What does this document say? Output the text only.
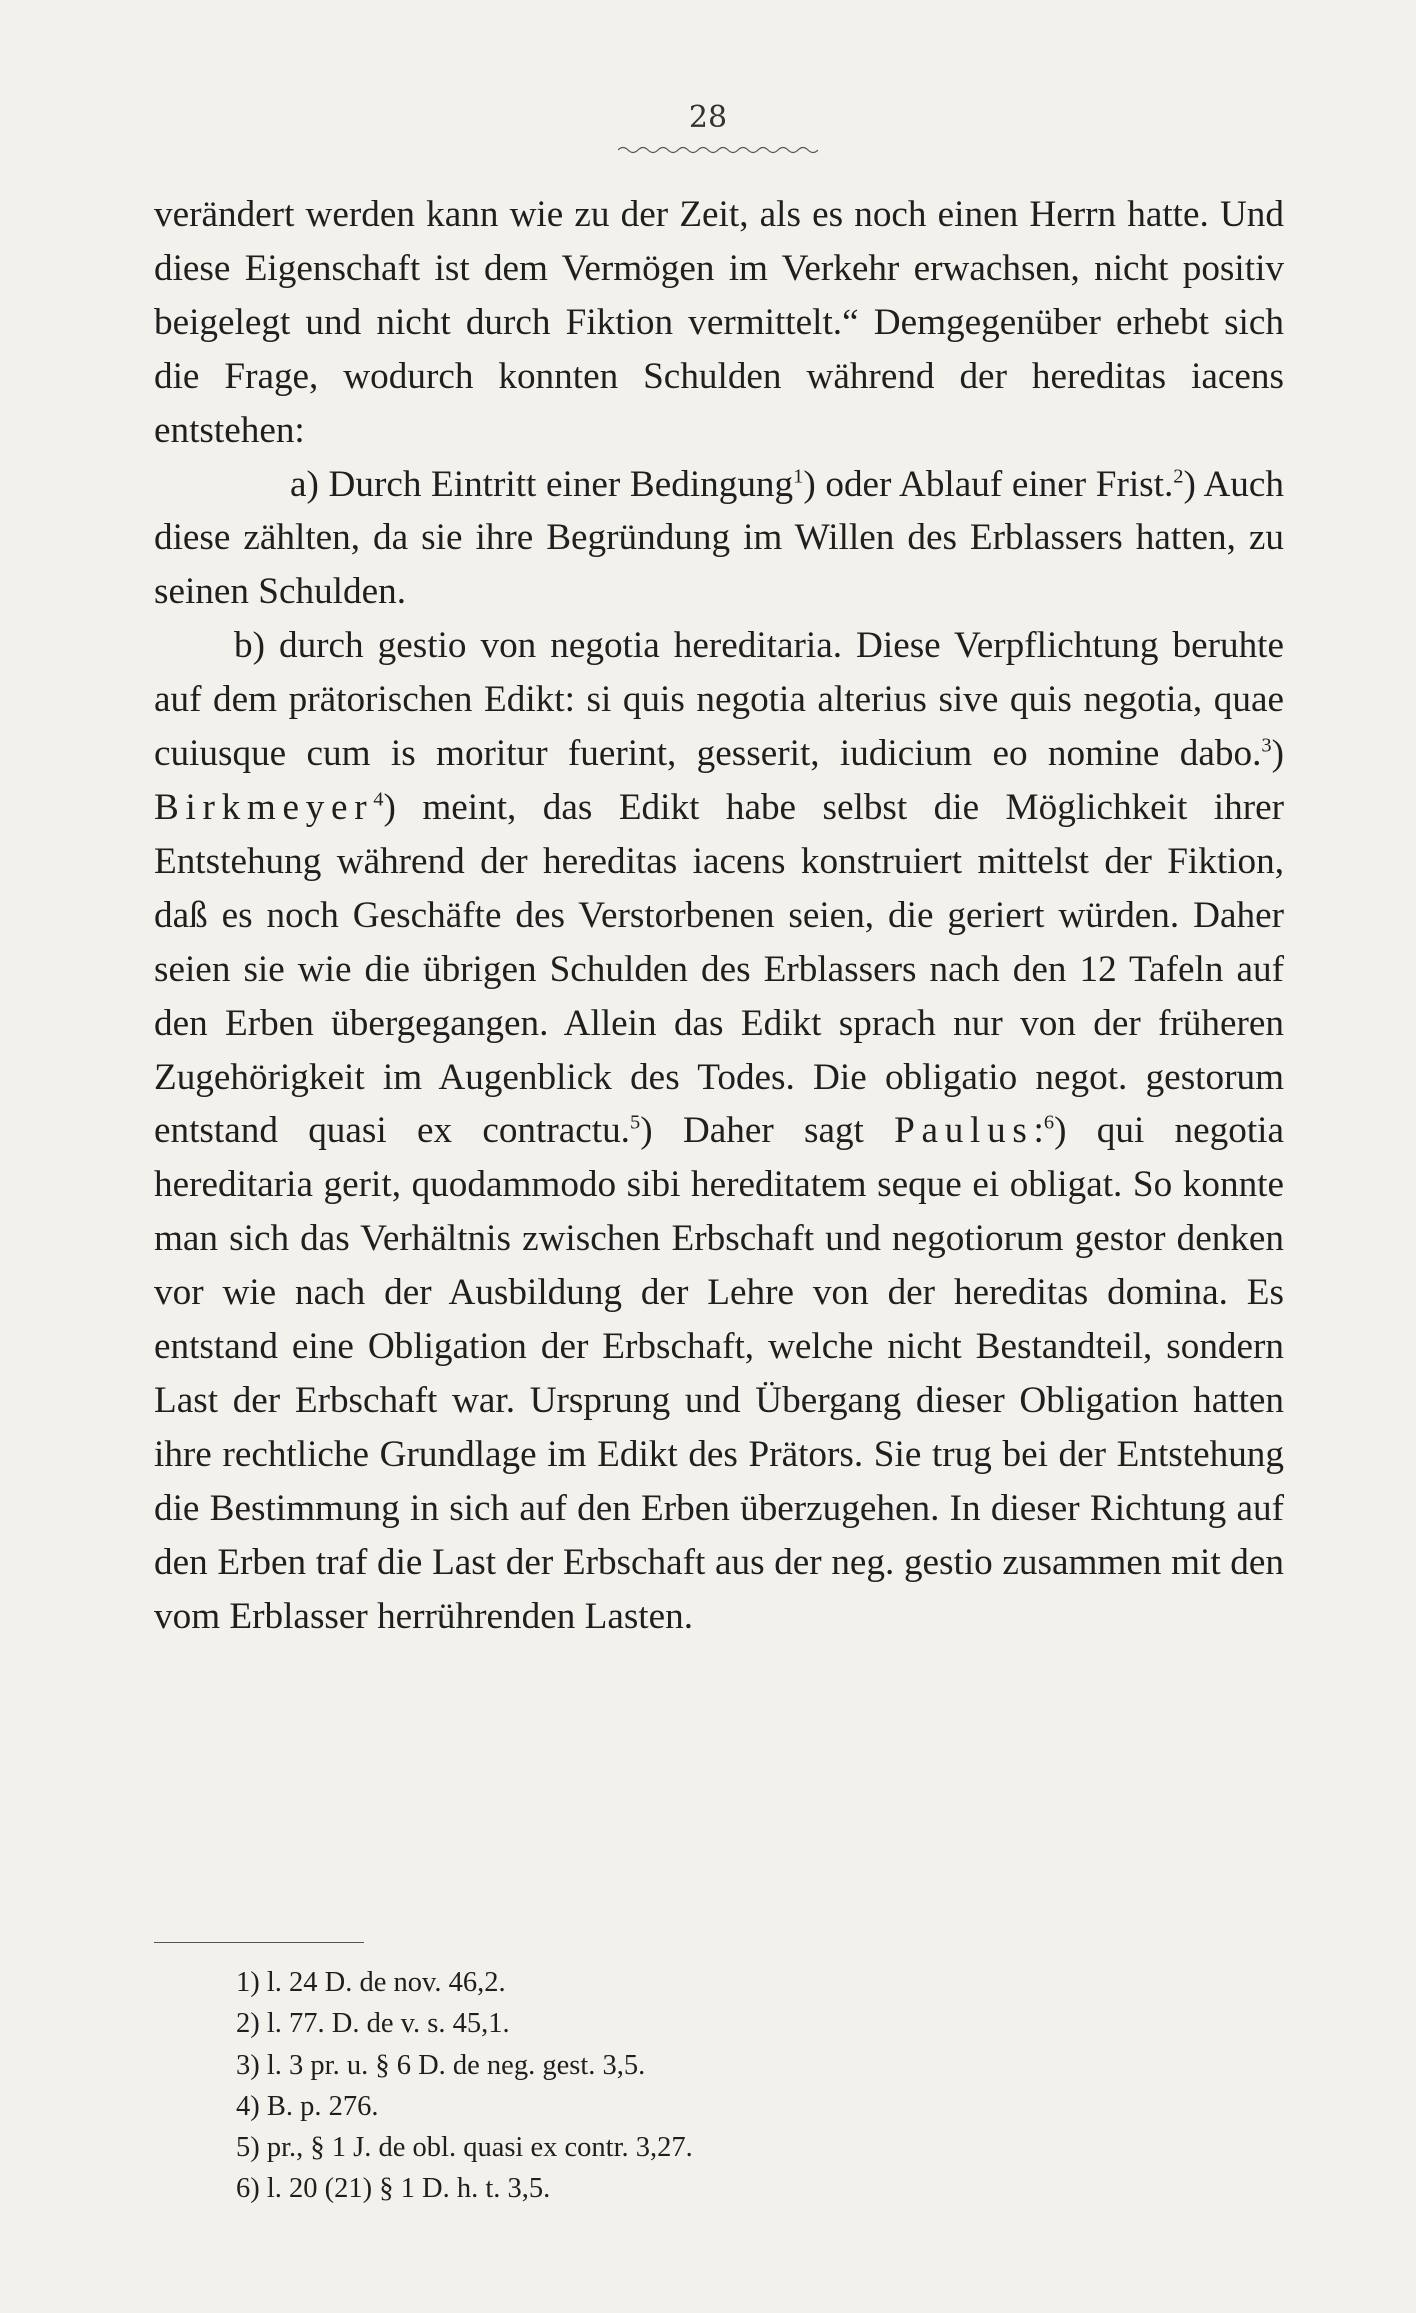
28

verändert werden kann wie zu der Zeit, als es noch einen Herrn hatte. Und diese Eigenschaft ist dem Vermögen im Verkehr erwachsen, nicht positiv beigelegt und nicht durch Fiktion vermittelt.“ Demgegenüber erhebt sich die Frage, wodurch konnten Schulden während der hereditas iacens entstehen:

a) Durch Eintritt einer Bedingung$^1$) oder Ablauf einer Frist.$^2$) Auch diese zählten, da sie ihre Begründung im Willen des Erblassers hatten, zu seinen Schulden.

b) durch gestio von negotia hereditaria. Diese Verpflichtung beruhte auf dem prätorischen Edikt: si quis negotia alterius sive quis negotia, quae cuiusque cum is moritur fuerint, gesserit, iudicium eo nomine dabo.$^3$) Birkmeyer$^4$) meint, das Edikt habe selbst die Möglichkeit ihrer Entstehung während der hereditas iacens konstruiert mittelst der Fiktion, daß es noch Geschäfte des Verstorbenen seien, die geriert würden. Daher seien sie wie die übrigen Schulden des Erblassers nach den 12 Tafeln auf den Erben übergegangen. Allein das Edikt sprach nur von der früheren Zugehörigkeit im Augenblick des Todes. Die obligatio negot. gestorum entstand quasi ex contractu.$^5$) Daher sagt Paulus:$^6$) qui negotia hereditaria gerit, quodammodo sibi hereditatem seque ei obligat. So konnte man sich das Verhältnis zwischen Erbschaft und negotiorum gestor denken vor wie nach der Ausbildung der Lehre von der hereditas domina. Es entstand eine Obligation der Erbschaft, welche nicht Bestandteil, sondern Last der Erbschaft war. Ursprung und Übergang dieser Obligation hatten ihre rechtliche Grundlage im Edikt des Prätors. Sie trug bei der Entstehung die Bestimmung in sich auf den Erben überzugehen. In dieser Richtung auf den Erben traf die Last der Erbschaft aus der neg. gestio zusammen mit den vom Erblasser herrührenden Lasten.

1) l. 24 D. de nov. 46,2.
2) l. 77. D. de v. s. 45,1.
3) l. 3 pr. u. § 6 D. de neg. gest. 3,5.
4) B. p. 276.
5) pr., § 1 J. de obl. quasi ex contr. 3,27.
6) l. 20 (21) § 1 D. h. t. 3,5.
